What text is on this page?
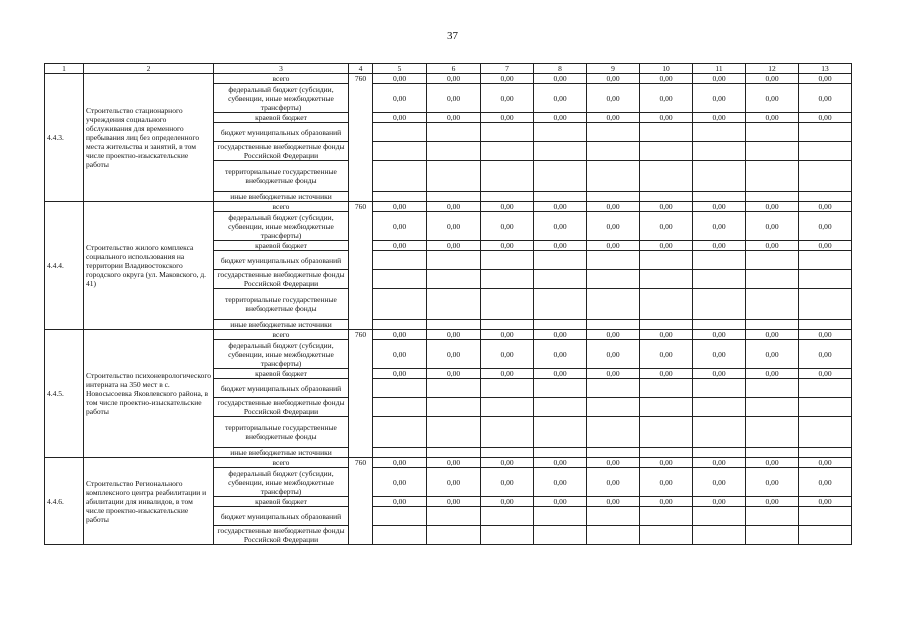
37
1	2	3	4	5	6	7	8	9	10	11	12	13
4.4.3.	Строительство стационарного учреждения социального обслуживания для временного пребывания лиц без определенного места жительства и занятий, в том числе проектно-изыскательские работы	всего	760	0,00	0,00	0,00	0,00	0,00	0,00	0,00	0,00	0,00
		федеральный бюджет (субсидии, субвенции, иные межбюджетные трансферты)		0,00	0,00	0,00	0,00	0,00	0,00	0,00	0,00	0,00
		краевой бюджет		0,00	0,00	0,00	0,00	0,00	0,00	0,00	0,00	0,00
		бюджет муниципальных образований										
		государственные внебюджетные фонды Российской Федерации										
		территориальные государственные внебюджетные фонды										
		иные внебюджетные источники										
4.4.4.	Строительство жилого комплекса социального использования на территории Владивостокского городского округа (ул. Маковского, д. 41)	всего	760	0,00	0,00	0,00	0,00	0,00	0,00	0,00	0,00	0,00
		федеральный бюджет (субсидии, субвенции, иные межбюджетные трансферты)		0,00	0,00	0,00	0,00	0,00	0,00	0,00	0,00	0,00
		краевой бюджет		0,00	0,00	0,00	0,00	0,00	0,00	0,00	0,00	0,00
		бюджет муниципальных образований										
		государственные внебюджетные фонды Российской Федерации										
		территориальные государственные внебюджетные фонды										
		иные внебюджетные источники										
4.4.5.	Строительство психоневрологического интерната на 350 мест в с. Новосысоевка Яковлевского района, в том числе проектно-изыскательские работы	всего	760	0,00	0,00	0,00	0,00	0,00	0,00	0,00	0,00	0,00
		федеральный бюджет (субсидии, субвенции, иные межбюджетные трансферты)		0,00	0,00	0,00	0,00	0,00	0,00	0,00	0,00	0,00
		краевой бюджет		0,00	0,00	0,00	0,00	0,00	0,00	0,00	0,00	0,00
		бюджет муниципальных образований										
		государственные внебюджетные фонды Российской Федерации										
		территориальные государственные внебюджетные фонды										
		иные внебюджетные источники										
4.4.6.	Строительство Регионального комплексного центра реабилитации и абилитации для инвалидов, в том числе проектно-изыскательские работы	всего	760	0,00	0,00	0,00	0,00	0,00	0,00	0,00	0,00	0,00
		федеральный бюджет (субсидии, субвенции, иные межбюджетные трансферты)		0,00	0,00	0,00	0,00	0,00	0,00	0,00	0,00	0,00
		краевой бюджет		0,00	0,00	0,00	0,00	0,00	0,00	0,00	0,00	0,00
		бюджет муниципальных образований										
		государственные внебюджетные фонды Российской Федерации										
